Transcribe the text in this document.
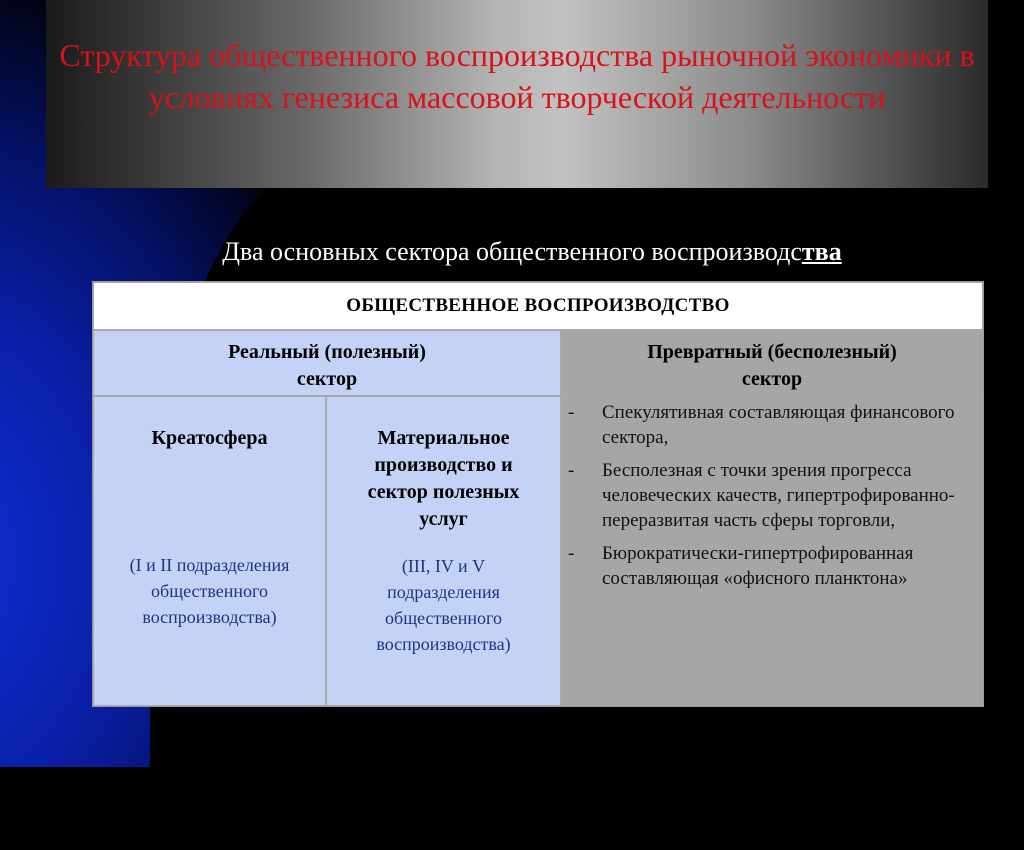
Структура общественного воспроизводства рыночной экономики в условиях генезиса массовой творческой деятельности
Два основных сектора общественного воспроизводства
ОБЩЕСТВЕННОЕ ВОСПРОИЗВОДСТВО
Реальный (полезный)
сектор
Превратный (бесполезный)
сектор
Креатосфера
(I и II подразделения общественного воспроизводства)
Материальное производство и сектор полезных услуг
(III, IV и V подразделения общественного воспроизводства)
- Спекулятивная составляющая финансового сектора,
- Бесполезная с точки зрения прогресса человеческих качеств, гипертрофированно-переразвитая часть сферы торговли,
- Бюрократически-гипертрофированная составляющая «офисного планктона»
